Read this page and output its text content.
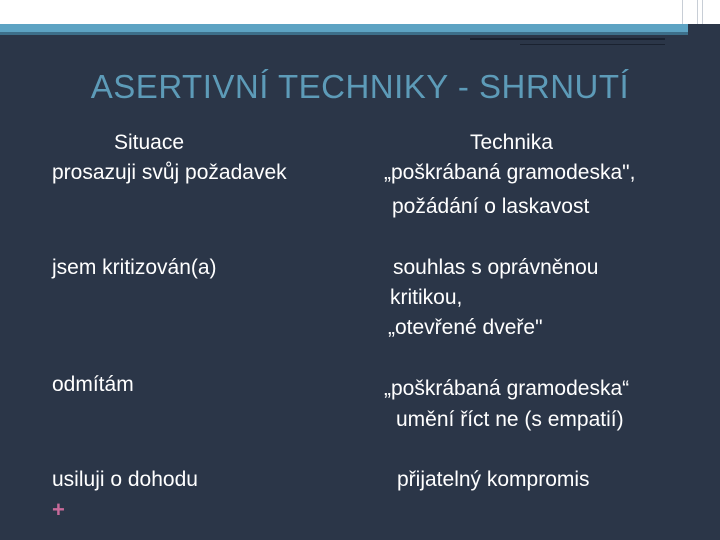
ASERTIVNÍ TECHNIKY - SHRNUTÍ
Situace	Technika
prosazuji svůj požadavek	„poškrábaná gramodeska",
požádání o laskavost
jsem kritizován(a)	souhlas s oprávněnou
kritikou,
„otevřené dveře"
odmítám	„poškrábaná gramodeska“
umění říct ne (s empatií)
usiluji o dohodu	přijatelný kompromis
+
